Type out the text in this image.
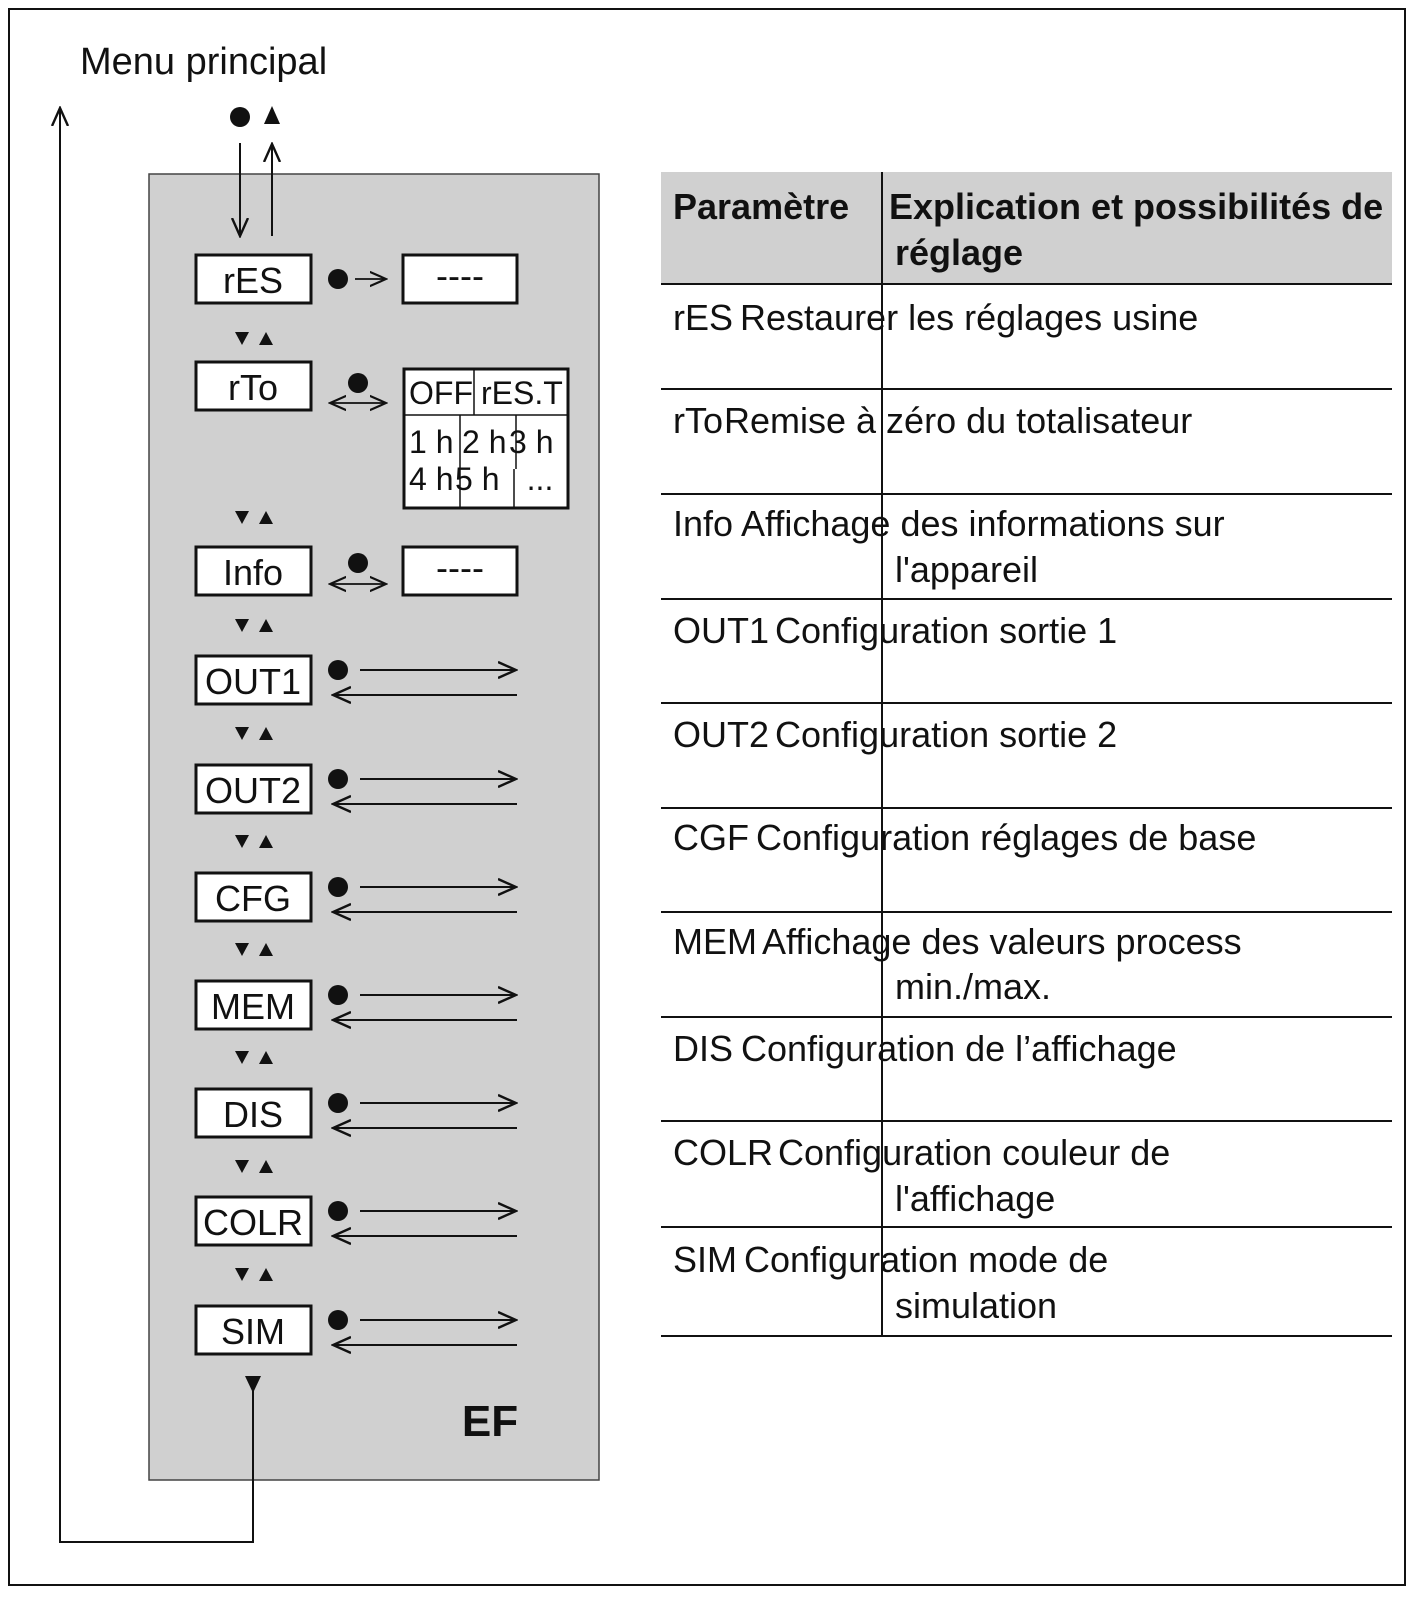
Menu principal
rES
rTo
Info
OUT1
OUT2
CFG
MEM
DIS
COLR
SIM
----
OFF rES.T
1 h 2 h 3 h
4 h 5 h ...
----
EF
Paramètre Explication et possibilités de
réglage
rES Restaurer les réglages usine
rTo Remise à zéro du totalisateur
Info Affichage des informations sur
l'appareil
OUT1 Configuration sortie 1
OUT2 Configuration sortie 2
CGF Configuration réglages de base
MEM Affichage des valeurs process
min./max.
DIS Configuration de l’affichage
COLR Configuration couleur de
l'affichage
SIM Configuration mode de
simulation
